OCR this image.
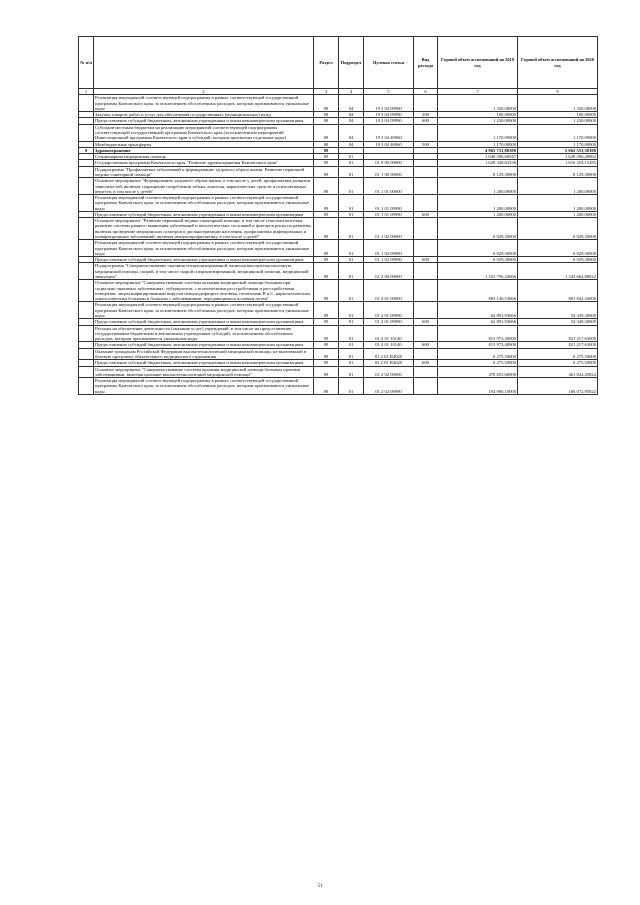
№ п/п		Раздел	Подраздел	Целевая статья	Вид расхода	Годовой объем ассигнований на 2019 год	Годовой объем ассигнований на 2020 год
1	2	3	4	5	6	7	8
	Реализация мероприятий соответствующей подпрограммы в рамках соответствующей государственной программы Камчатского края, за исключением обособленных расходов, которым присваиваются уникальные коды	08	04	19 3 04 09990		1 330,00000	1 330,00000
	Закупка товаров, работ и услуг для обеспечения государственных (муниципальных) нужд	08	04	19 3 04 09990	200	100,00000	100,00000
	Предоставление субсидий бюджетным, автономным учреждениям и иным некоммерческим организациям	08	04	19 3 04 09990	600	1 230,00000	1 230,00000
	Субсидии местным бюджетам на реализацию мероприятий соответствующей подпрограммы соответствующей государственной программы Камчатского края (за исключением мероприятий Инвестиционной программы Камчатского края и субсидий, которым присвоены отдельные коды)	08	04	19 3 04 40060		1 170,00000	1 170,00000
	Межбюджетные трансферты	08	04	19 3 04 40060	500	1 170,00000	1 170,00000
9	Здравоохранение	09				4 965 731,88300	5 062 553,38100
	Стационарная медицинская помощь	09	01			1 640 296,66947	1 628 206,28862
	Государственная программа Камчатского края "Развитие здравоохранения Камчатского края"	09	01	01 0 00 00000		1 628 348,63336	1 616 354,15285
	Подпрограмма "Профилактика заболеваний и формирование здорового образа жизни. Развитие первичной медико-санитарной помощи"	09	01	01 1 00 00000		8 129,30000	8 129,30000
	Основное мероприятие "Формирование здорового образа жизни, в том числе у детей, профилактика развития зависимостей, включая сокращение потребления табака, алкоголя, наркотических средств и психоактивных веществ, в том числе у детей"	09	01	01 1 01 00000		1 200,00000	1 200,00000
	Реализация мероприятий соответствующей подпрограммы в рамках соответствующей государственной программы Камчатского края, за исключением обособленных расходов, которым присваиваются уникальные коды	09	01	01 1 01 09990		1 200,00000	1 200,00000
	Предоставление субсидий бюджетным, автономным учреждениям и иным некоммерческим организациям	09	01	01 1 01 09990	600	1 200,00000	1 200,00000
	Основное мероприятие "Развитие первичной медико-санитарной помощи, в том числе сельским жителям, развитие системы раннего выявления заболеваний и патологических состояний и факторов риска их развития, включая проведение медицинских осмотров и диспансеризации населения, профилактика инфекционных и неинфекционных заболеваний, включая иммунопрофилактику, в том числе у детей"	09	01	01 1 02 00000		6 929,30000	6 929,30000
	Реализация мероприятий соответствующей подпрограммы в рамках соответствующей государственной программы Камчатского края, за исключением обособленных расходов, которым присваиваются уникальные коды	09	01	01 1 02 09990		6 929,30000	6 929,30000
	Предоставление субсидий бюджетным, автономным учреждениям и иным некоммерческим организациям	09	01	01 1 02 09990	600	6 929,30000	6 929,30000
	Подпрограмма "Совершенствование оказания специализированной, включая высокотехнологичную, медицинской помощи, скорой, в том числе скорой специализированной, медицинской помощи, медицинской эвакуации"	09	01	01 2 00 00000		1 353 796,43666	1 343 664,88822
	Основное мероприятие "Совершенствование системы оказания медицинской помощи больным при социально-значимых заболеваниях: туберкулезом, с психическими расстройствами и расстройствами поведения, лицам инфицированным вирусом иммунодефицита человека, гепатитами B и C, наркологическим, онкологическим больным и больным с заболеваниями, передающимися половым путем"	09	01	01 2 01 00000		883 140,53666	881 842,43000
	Реализация мероприятий соответствующей подпрограммы в рамках соответствующей государственной программы Камчатского края, за исключением обособленных расходов, которым присваиваются уникальные коды	09	01	01 2 01 09990		62 891,93666	54 349,30000
	Предоставление субсидий бюджетным, автономным учреждениям и иным некоммерческим организациям	09	01	01 2 01 09990	600	62 891,93666	54 349,30000
	Расходы на обеспечение деятельности (оказание услуг) учреждений, в том числе на предоставление государственным бюджетным и автономным учреждениям субсидий, за исключением обособленных расходов, которым присваиваются уникальные коды	09	01	01 2 01 10140		813 973,40000	821 217,63000
	Предоставление субсидий бюджетным, автономным учреждениям и иным некоммерческим организациям	09	01	01 2 01 10140	600	813 973,40000	821 217,63000
	Оказание гражданам Российской Федерации высокотехнологичной медицинской помощи, не включенной в базовую программу обязательного медицинского страхования	09	01	01 2 01 R4020		6 275,50000	6 275,50000
	Предоставление субсидий бюджетным, автономным учреждениям и иным некоммерческим организациям	09	01	01 2 01 R4020	600	6 275,50000	6 275,50000
	Основное мероприятие "Совершенствование системы оказания медицинской помощи больным прочими заболеваниями, включая оказание высокотехнологичной медицинской помощи"	09	01	01 2 02 00000		470 655,60000	461 822,45822
	Реализация мероприятий соответствующей подпрограммы в рамках соответствующей государственной программы Камчатского края, за исключением обособленных расходов, которым присваиваются уникальные коды	09	01	01 2 02 09990		194 906,10000	186 072,95822
51
